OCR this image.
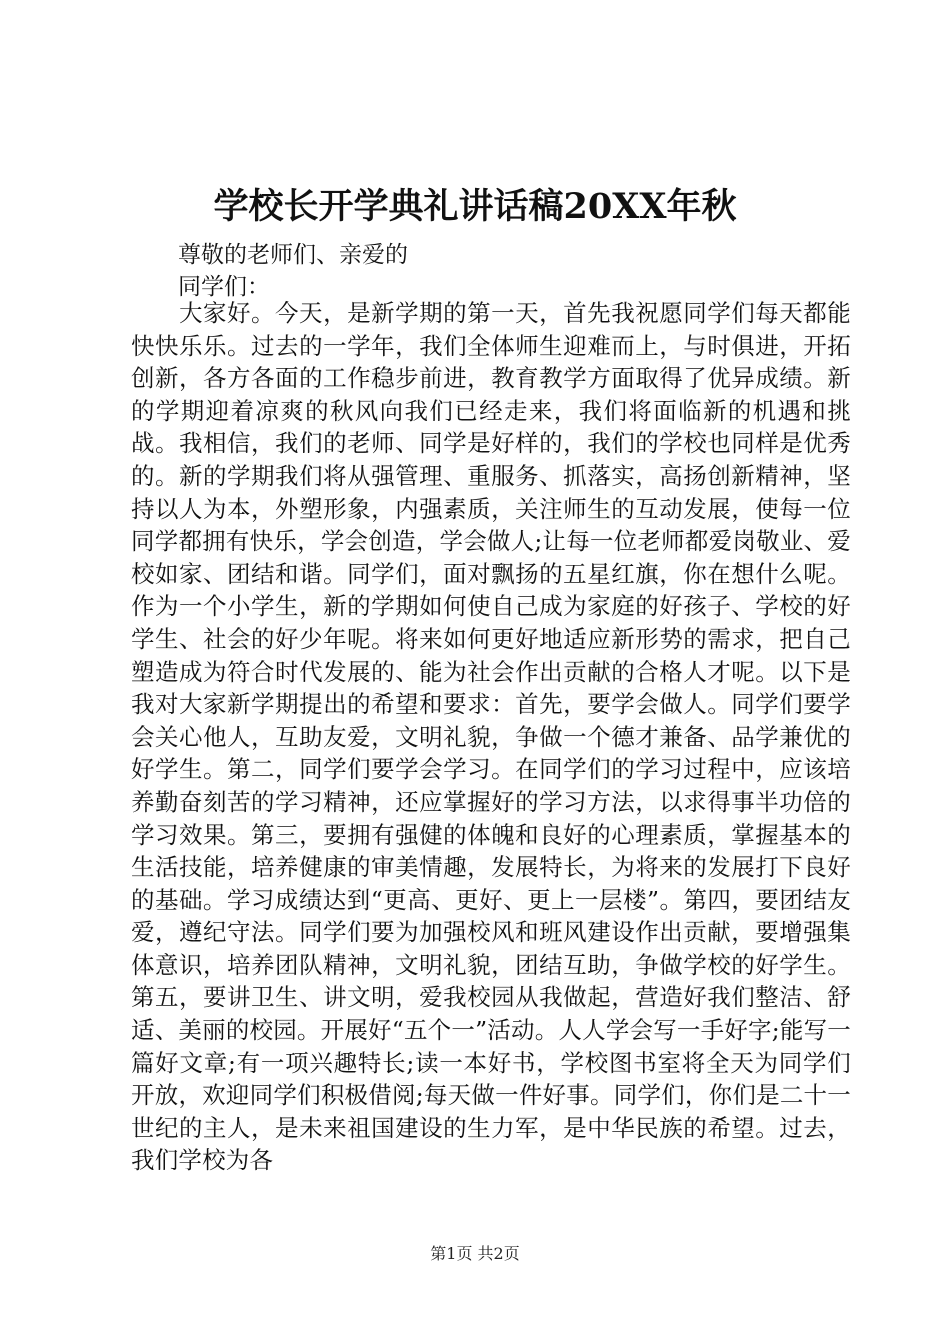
学校长开学典礼讲话稿20XX年秋
尊敬的老师们、亲爱的
同学们：

大家好。今天，是新学期的第一天，首先我祝愿同学们每天都能快快乐乐。过去的一学年，我们全体师生迎难而上，与时俱进，开拓创新，各方各面的工作稳步前进，教育教学方面取得了优异成绩。新的学期迎着凉爽的秋风向我们已经走来，我们将面临新的机遇和挑战。我相信，我们的老师、同学是好样的，我们的学校也同样是优秀的。新的学期我们将从强管理、重服务、抓落实，高扬创新精神，坚持以人为本，外塑形象，内强素质，关注师生的互动发展，使每一位同学都拥有快乐，学会创造，学会做人;让每一位老师都爱岗敬业、爱校如家、团结和谐。同学们，面对飘扬的五星红旗，你在想什么呢。作为一个小学生，新的学期如何使自己成为家庭的好孩子、学校的好学生、社会的好少年呢。将来如何更好地适应新形势的需求，把自己塑造成为符合时代发展的、能为社会作出贡献的合格人才呢。以下是我对大家新学期提出的希望和要求：首先，要学会做人。同学们要学会关心他人，互助友爱，文明礼貌，争做一个德才兼备、品学兼优的好学生。第二，同学们要学会学习。在同学们的学习过程中，应该培养勤奋刻苦的学习精神，还应掌握好的学习方法，以求得事半功倍的学习效果。第三，要拥有强健的体魄和良好的心理素质，掌握基本的生活技能，培养健康的审美情趣，发展特长，为将来的发展打下良好的基础。学习成绩达到“更高、更好、更上一层楼”。第四，要团结友爱，遵纪守法。同学们要为加强校风和班风建设作出贡献，要增强集体意识，培养团队精神，文明礼貌，团结互助，争做学校的好学生。第五，要讲卫生、讲文明，爱我校园从我做起，营造好我们整洁、舒适、美丽的校园。开展好“五个一”活动。人人学会写一手好字;能写一篇好文章;有一项兴趣特长;读一本好书，学校图书室将全天为同学们开放，欢迎同学们积极借阅;每天做一件好事。同学们，你们是二十一世纪的主人，是未来祖国建设的生力军，是中华民族的希望。过去，我们学校为各

第1页 共2页
